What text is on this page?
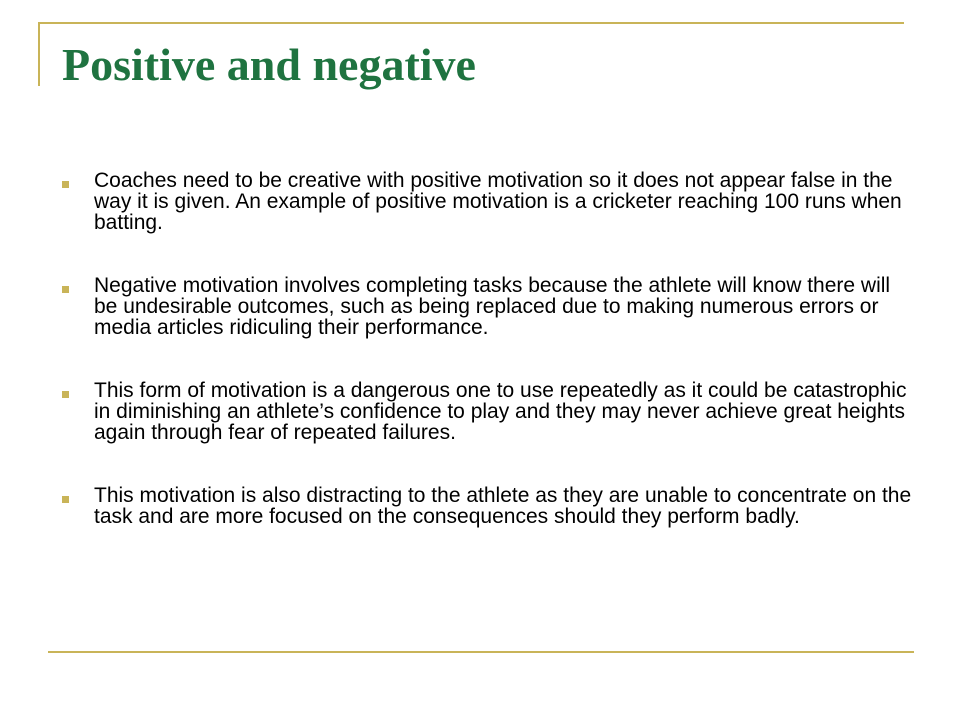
Positive and negative
Coaches need to be creative with positive motivation so it does not appear false in the way it is given. An example of positive motivation is a cricketer reaching 100 runs when batting.
Negative motivation involves completing tasks because the athlete will know there will be undesirable outcomes, such as being replaced due to making numerous errors or media articles ridiculing their performance.
This form of motivation is a dangerous one to use repeatedly as it could be catastrophic in diminishing an athlete’s confidence to play and they may never achieve great heights again through fear of repeated failures.
This motivation is also distracting to the athlete as they are unable to concentrate on the task and are more focused on the consequences should they perform badly.
